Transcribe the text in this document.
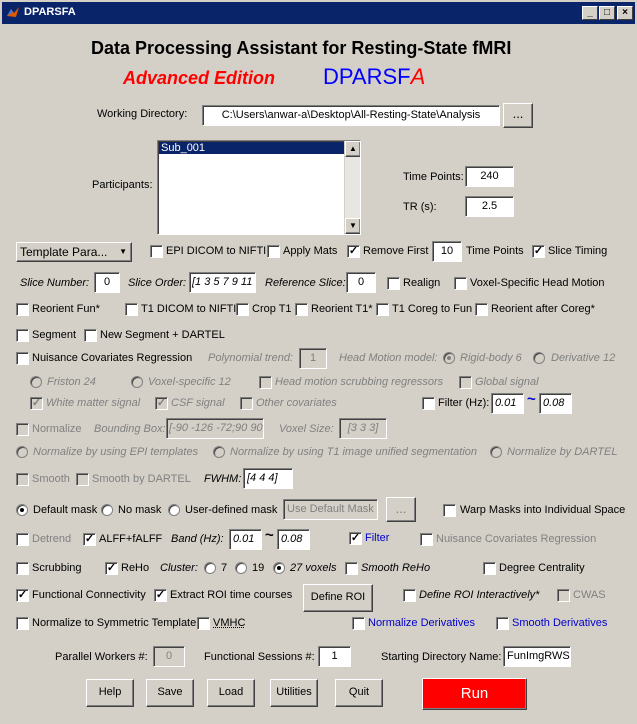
DPARSFA	_	□	×
Data Processing Assistant for Resting-State fMRI
Advanced Edition DPARSFA
Working Directory:	C:\Users\anwar-a\Desktop\All-Resting-State\Analysis	...
Participants:
Sub_001	▲
▼
Time Points:	240
TR (s):	2.5
Template Para... ▼	EPI DICOM to NIFTI Apply Mats ✓ Remove First	10	Time Points ✓ Slice Timing
Slice Number:	0	Slice Order: [1 3 5 7 9 11	Reference Slice:	0	Realign	Voxel-Specific Head Motion
Reorient Fun*	T1 DICOM to NIFTI Crop T1 Reorient T1* T1 Coreg to Fun Reorient after Coreg*
Segment New Segment + DARTEL
Nuisance Covariates Regression Polynomial trend:	1	Head Motion model: Rigid-body 6	Derivative 12
Friston 24	Voxel-specific 12	Head motion scrubbing regressors	Global signal
✓ White matter signal ✓ CSF signal	Other covariates	Filter (Hz): 0.01 ~ 0.08
Normalize Bounding Box: [-90 -126 -72;90 90 Voxel Size:	[3 3 3]
Normalize by using EPI templates	Normalize by using T1 image unified segmentation	Normalize by DARTEL
Smooth Smooth by DARTEL FWHM: [4 4 4]
Default mask No mask User-defined mask Use Default Mask	...	Warp Masks into Individual Space
Detrend ✓ ALFF+fALFF Band (Hz): 0.01 ~ 0.08	✓ Filter	Nuisance Covariates Regression
Scrubbing ✓ ReHo Cluster: 7 19 27 voxels Smooth ReHo	Degree Centrality
✓ Functional Connectivity ✓ Extract ROI time courses	Define ROI	Define ROI Interactively*	CWAS
Normalize to Symmetric Template VMHC	Normalize Derivatives	Smooth Derivatives
Parallel Workers #:	0	Functional Sessions #:	1	Starting Directory Name: FunImgRWS
Help	Save	Load	Utilities	Quit	Run
